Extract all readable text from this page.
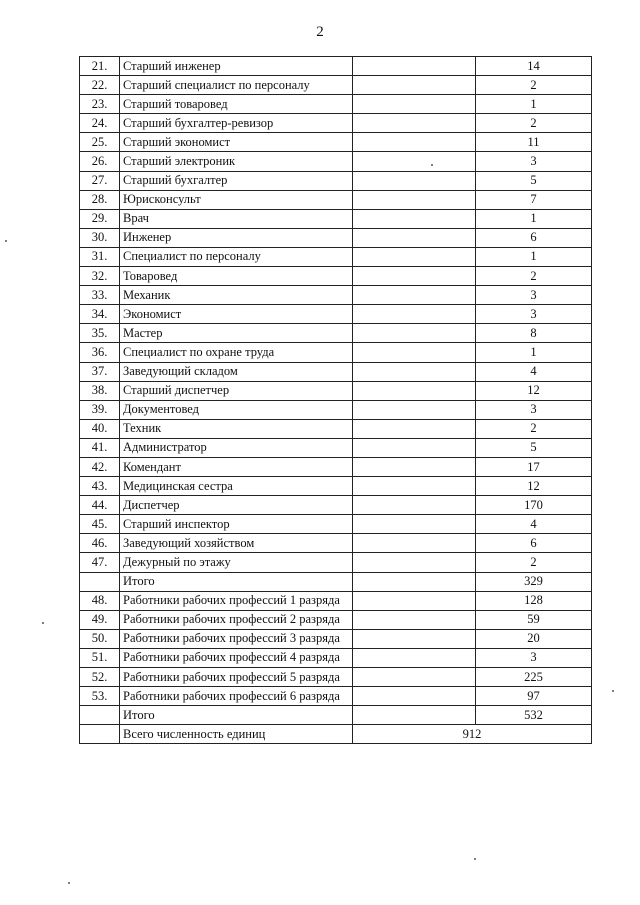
2
21.	Старший инженер		14
22.	Старший специалист по персоналу		2
23.	Старший товаровед		1
24.	Старший бухгалтер-ревизор		2
25.	Старший экономист		11
26.	Старший электроник		3
27.	Старший бухгалтер		5
28.	Юрисконсульт		7
29.	Врач		1
30.	Инженер		6
31.	Специалист по персоналу		1
32.	Товаровед		2
33.	Механик		3
34.	Экономист		3
35.	Мастер		8
36.	Специалист по охране труда		1
37.	Заведующий складом		4
38.	Старший диспетчер		12
39.	Документовед		3
40.	Техник		2
41.	Администратор		5
42.	Комендант		17
43.	Медицинская сестра		12
44.	Диспетчер		170
45.	Старший инспектор		4
46.	Заведующий хозяйством		6
47.	Дежурный по этажу		2
	Итого		329
48.	Работники рабочих профессий 1 разряда		128
49.	Работники рабочих профессий 2 разряда		59
50.	Работники рабочих профессий 3 разряда		20
51.	Работники рабочих профессий 4 разряда		3
52.	Работники рабочих профессий 5 разряда		225
53.	Работники рабочих профессий 6 разряда		97
	Итого		532
	Всего численность единиц	912	
